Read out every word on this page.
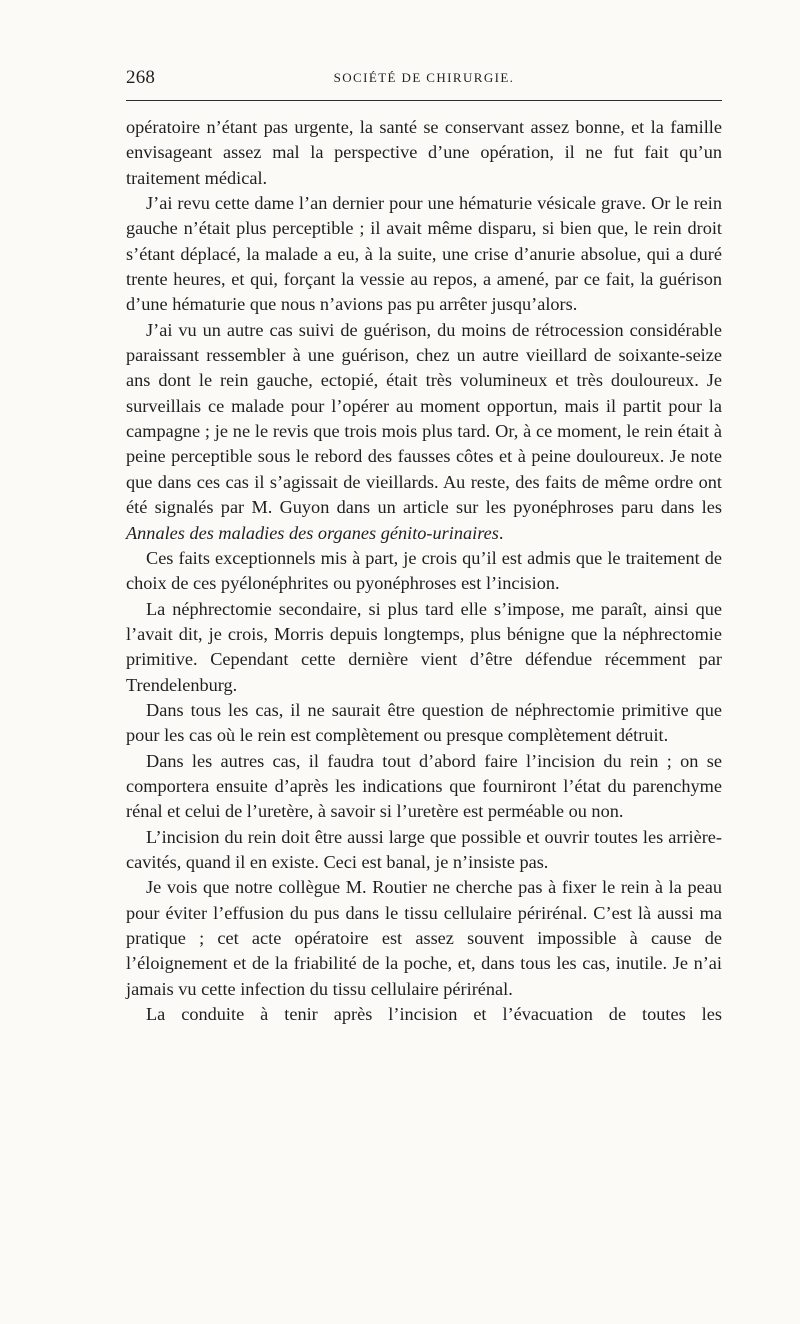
268	SOCIÉTÉ DE CHIRURGIE.

opératoire n’étant pas urgente, la santé se conservant assez bonne, et la famille envisageant assez mal la perspective d’une opération, il ne fut fait qu’un traitement médical.

J’ai revu cette dame l’an dernier pour une hématurie vésicale grave. Or le rein gauche n’était plus perceptible ; il avait même disparu, si bien que, le rein droit s’étant déplacé, la malade a eu, à la suite, une crise d’anurie absolue, qui a duré trente heures, et qui, forçant la vessie au repos, a amené, par ce fait, la guérison d’une hématurie que nous n’avions pas pu arrêter jusqu’alors.

J’ai vu un autre cas suivi de guérison, du moins de rétrocession considérable paraissant ressembler à une guérison, chez un autre vieillard de soixante-seize ans dont le rein gauche, ectopié, était très volumineux et très douloureux. Je surveillais ce malade pour l’opérer au moment opportun, mais il partit pour la campagne ; je ne le revis que trois mois plus tard. Or, à ce moment, le rein était à peine perceptible sous le rebord des fausses côtes et à peine douloureux. Je note que dans ces cas il s’agissait de vieillards. Au reste, des faits de même ordre ont été signalés par M. Guyon dans un article sur les pyonéphroses paru dans les Annales des maladies des organes génito-urinaires.

Ces faits exceptionnels mis à part, je crois qu’il est admis que le traitement de choix de ces pyélonéphrites ou pyonéphroses est l’incision.

La néphrectomie secondaire, si plus tard elle s’impose, me paraît, ainsi que l’avait dit, je crois, Morris depuis longtemps, plus bénigne que la néphrectomie primitive. Cependant cette dernière vient d’être défendue récemment par Trendelenburg.

Dans tous les cas, il ne saurait être question de néphrectomie primitive que pour les cas où le rein est complètement ou presque complètement détruit.

Dans les autres cas, il faudra tout d’abord faire l’incision du rein ; on se comportera ensuite d’après les indications que fourniront l’état du parenchyme rénal et celui de l’uretère, à savoir si l’uretère est perméable ou non.

L’incision du rein doit être aussi large que possible et ouvrir toutes les arrière-cavités, quand il en existe. Ceci est banal, je n’insiste pas.

Je vois que notre collègue M. Routier ne cherche pas à fixer le rein à la peau pour éviter l’effusion du pus dans le tissu cellulaire périrénal. C’est là aussi ma pratique ; cet acte opératoire est assez souvent impossible à cause de l’éloignement et de la friabilité de la poche, et, dans tous les cas, inutile. Je n’ai jamais vu cette infection du tissu cellulaire périrénal.

La conduite à tenir après l’incision et l’évacuation de toutes les
